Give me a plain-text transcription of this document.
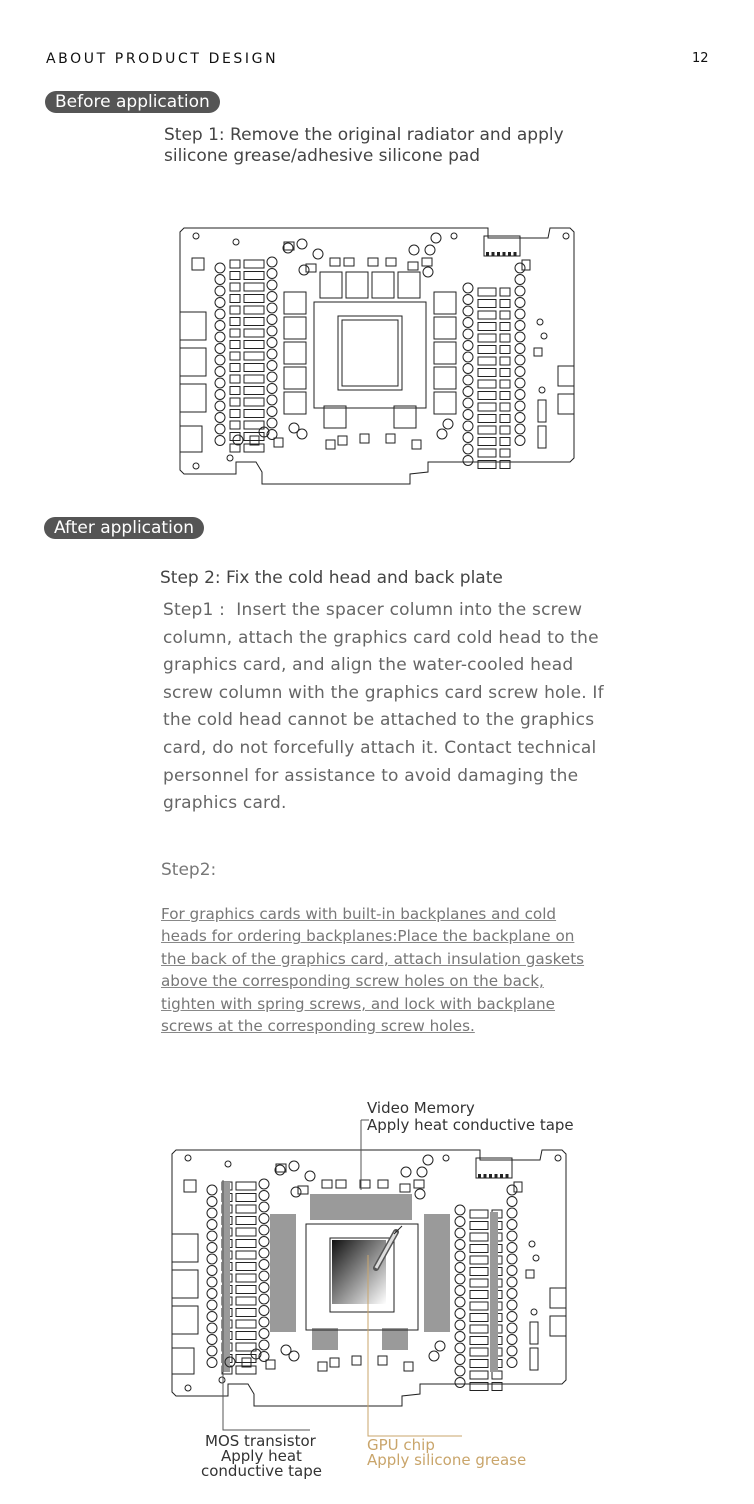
ABOUT PRODUCT DESIGN	12
Before application
Step 1: Remove the original radiator and apply
silicone grease/adhesive silicone pad
After application
Step 2: Fix the cold head and back plate
Step1 :  Insert the spacer column into the screw column, attach the graphics card cold head to the graphics card, and align the water-cooled head screw column with the graphics card screw hole. If the cold head cannot be attached to the graphics card, do not forcefully attach it. Contact technical personnel for assistance to avoid damaging the graphics card.
Step2:
For graphics cards with built-in backplanes and cold heads for ordering backplanes:Place the backplane on the back of the graphics card, attach insulation gaskets above the corresponding screw holes on the back, tighten with spring screws, and lock with backplane screws at the corresponding screw holes.
Video Memory
Apply heat conductive tape
MOS transistor
Apply heat
conductive tape
GPU chip
Apply silicone grease
